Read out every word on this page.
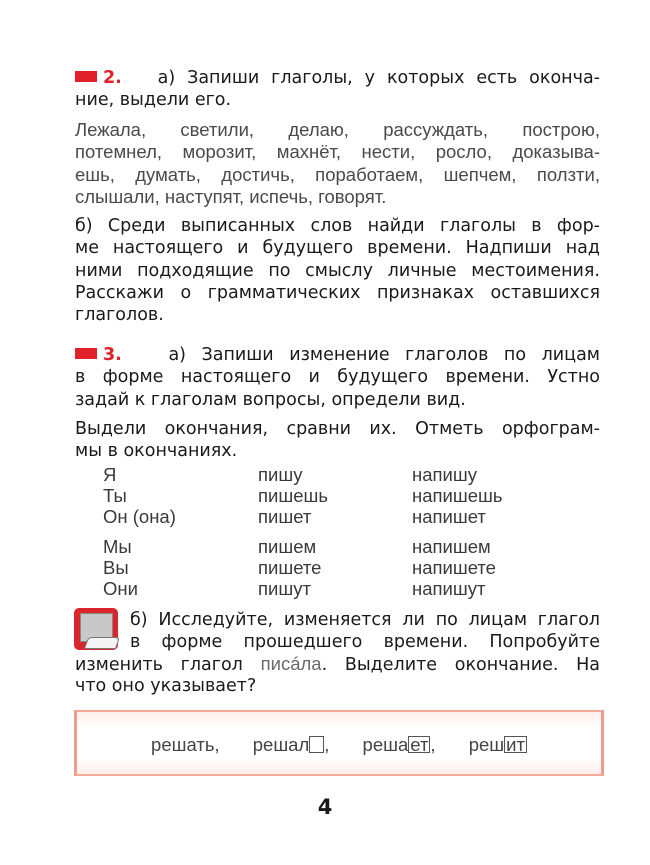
2. а) Запиши глаголы, у которых есть оконча-
ние, выдели его.
Лежала, светили, делаю, рассуждать, построю,
потемнел, морозит, махнёт, нести, росло, доказыва-
ешь, думать, достичь, поработаем, шепчем, ползти,
слышали, наступят, испечь, говорят.
б) Среди выписанных слов найди глаголы в фор-
ме настоящего и будущего времени. Надпиши над
ними подходящие по смыслу личные местоимения.
Расскажи о грамматических признаках оставшихся
глаголов.
3.	а) Запиши изменение глаголов по лицам
в форме настоящего и будущего времени. Устно
задай к глаголам вопросы, определи вид.
Выдели окончания, сравни их. Отметь орфограм-
мы в окончаниях.
Я	пишу	напишу
Ты	пишешь	напишешь
Он (она)	пишет	напишет
Мы	пишем	напишем
Вы	пишете	напишете
Они	пишут	напишут
б) Исследуйте, изменяется ли по лицам глагол
в форме прошедшего времени. Попробуйте
изменить глагол писáла. Выделите окончание. На
что оно указывает?
решать, решал , реша ет , реш ит
4
